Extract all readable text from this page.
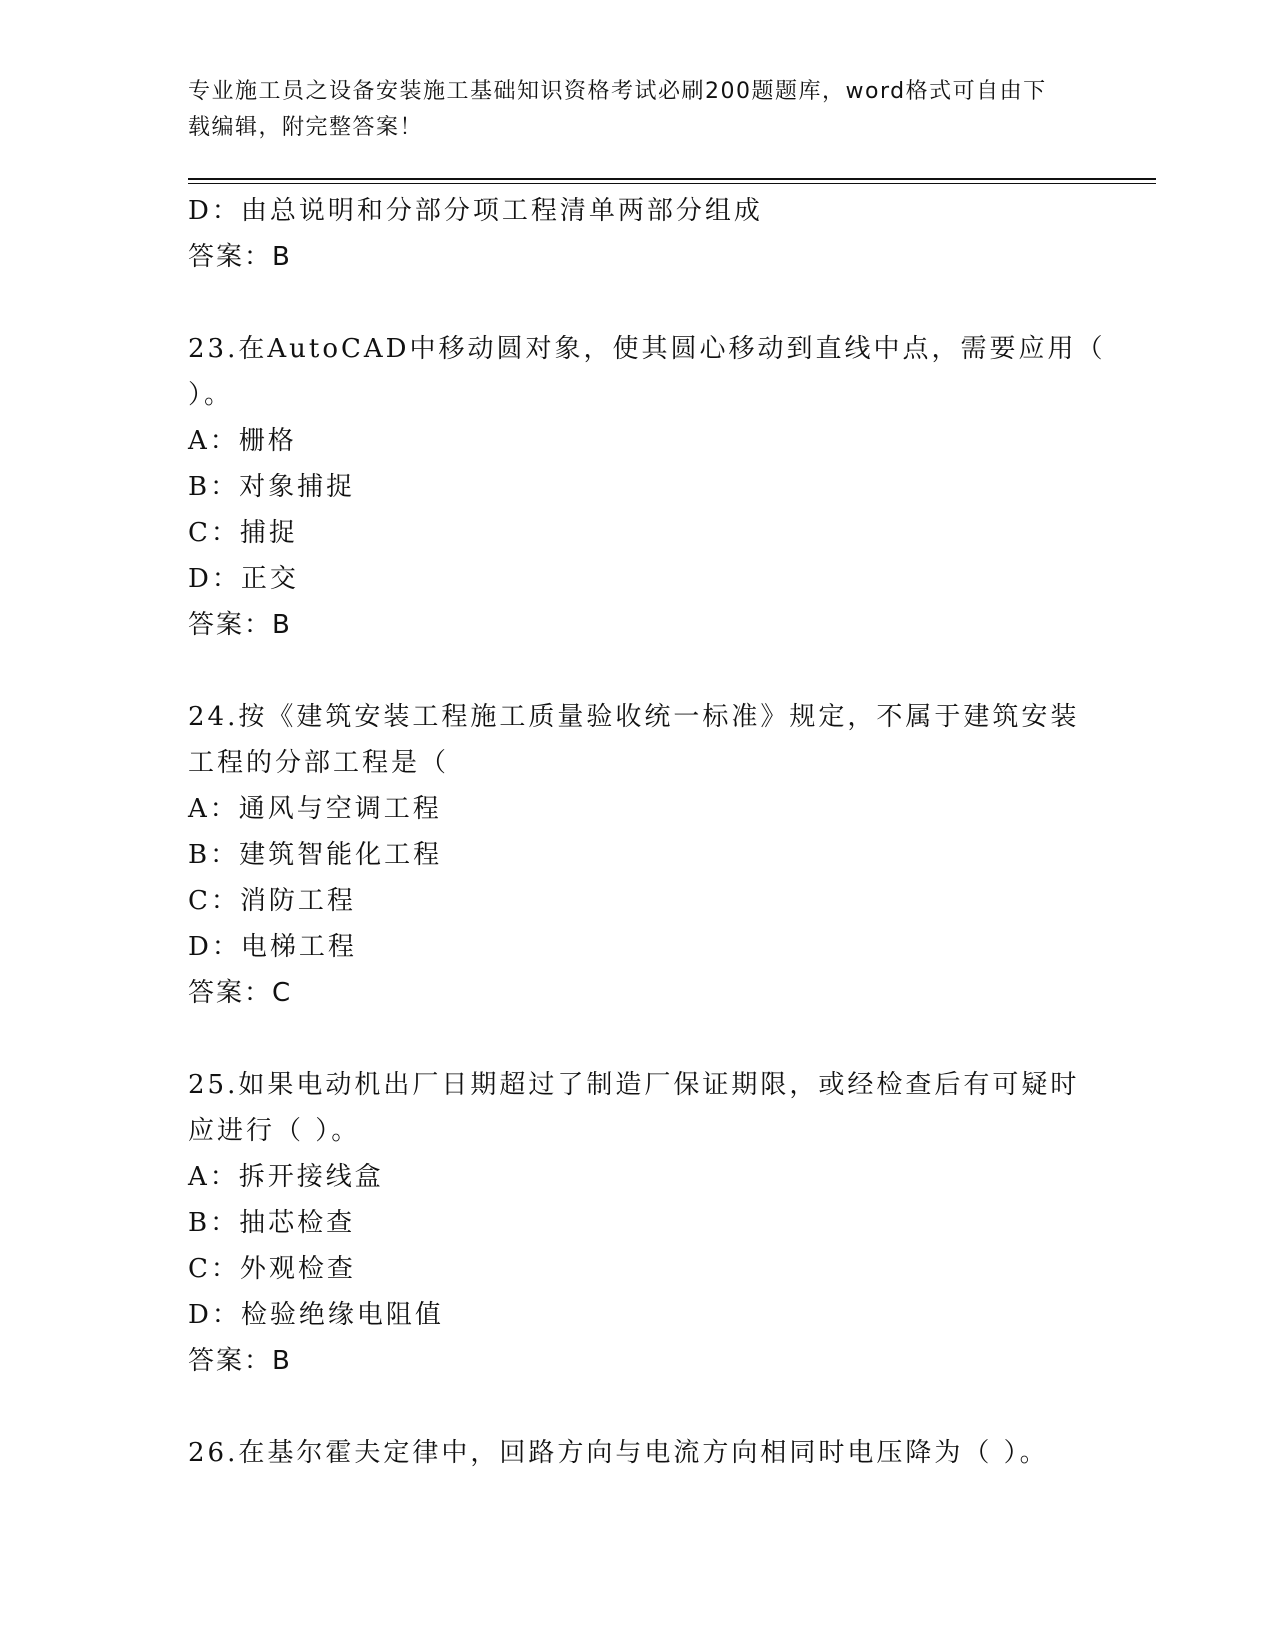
专业施工员之设备安装施工基础知识资格考试必刷200题题库，word格式可自由下载编辑，附完整答案！
D：由总说明和分部分项工程清单两部分组成
答案：B
23.在AutoCAD中移动圆对象，使其圆心移动到直线中点，需要应用（
）。
A：栅格
B：对象捕捉
C：捕捉
D：正交
答案：B
24.按《建筑安装工程施工质量验收统一标准》规定，不属于建筑安装
工程的分部工程是（
A：通风与空调工程
B：建筑智能化工程
C：消防工程
D：电梯工程
答案：C
25.如果电动机出厂日期超过了制造厂保证期限，或经检查后有可疑时
应进行（ ）。
A：拆开接线盒
B：抽芯检查
C：外观检查
D：检验绝缘电阻值
答案：B
26.在基尔霍夫定律中，回路方向与电流方向相同时电压降为（ ）。
